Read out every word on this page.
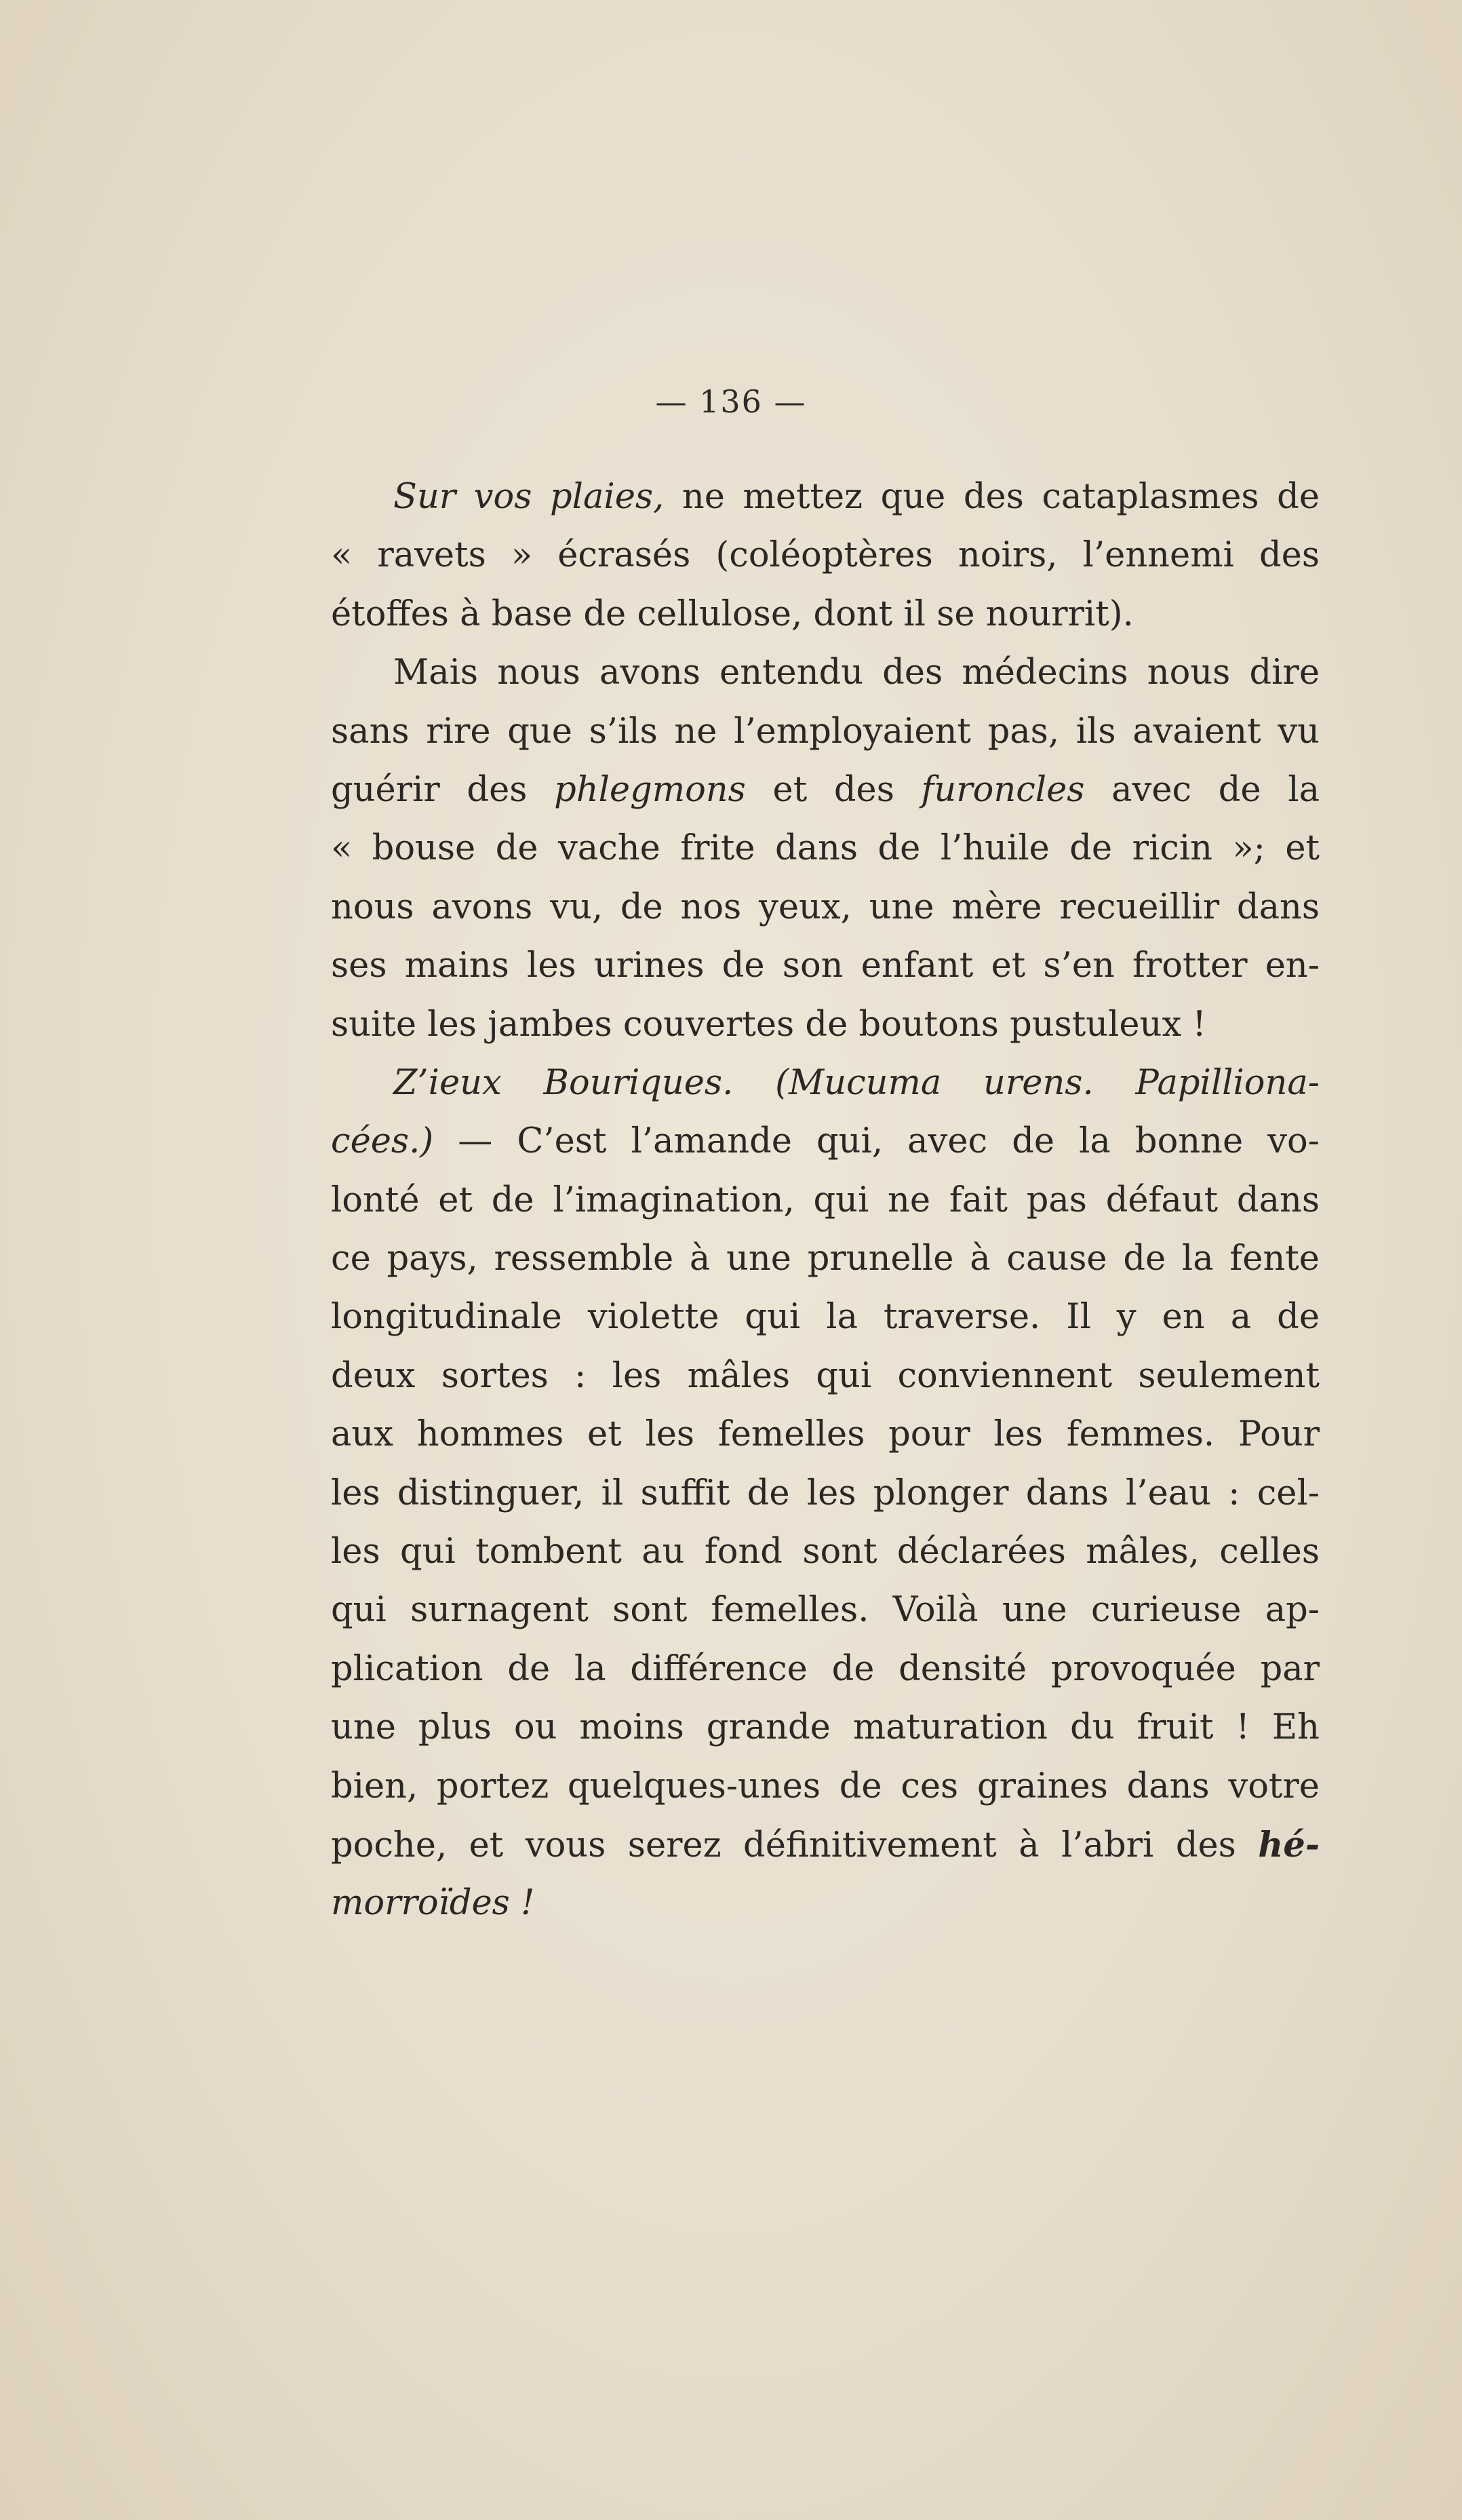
— 136 —
Sur vos plaies, ne mettez que des cataplasmes de
« ravets » écrasés (coléoptères noirs, l’ennemi des
étoffes à base de cellulose, dont il se nourrit).
Mais nous avons entendu des médecins nous dire
sans rire que s’ils ne l’employaient pas, ils avaient vu
guérir des phlegmons et des furoncles avec de la
« bouse de vache frite dans de l’huile de ricin »; et
nous avons vu, de nos yeux, une mère recueillir dans
ses mains les urines de son enfant et s’en frotter en-
suite les jambes couvertes de boutons pustuleux !
Z’ieux Bouriques. (Mucuma urens. Papilliona-
cées.) — C’est l’amande qui, avec de la bonne vo-
lonté et de l’imagination, qui ne fait pas défaut dans
ce pays, ressemble à une prunelle à cause de la fente
longitudinale violette qui la traverse. Il y en a de
deux sortes : les mâles qui conviennent seulement
aux hommes et les femelles pour les femmes. Pour
les distinguer, il suffit de les plonger dans l’eau : cel-
les qui tombent au fond sont déclarées mâles, celles
qui surnagent sont femelles. Voilà une curieuse ap-
plication de la différence de densité provoquée par
une plus ou moins grande maturation du fruit ! Eh
bien, portez quelques-unes de ces graines dans votre
poche, et vous serez définitivement à l’abri des hé-
morroïdes !
